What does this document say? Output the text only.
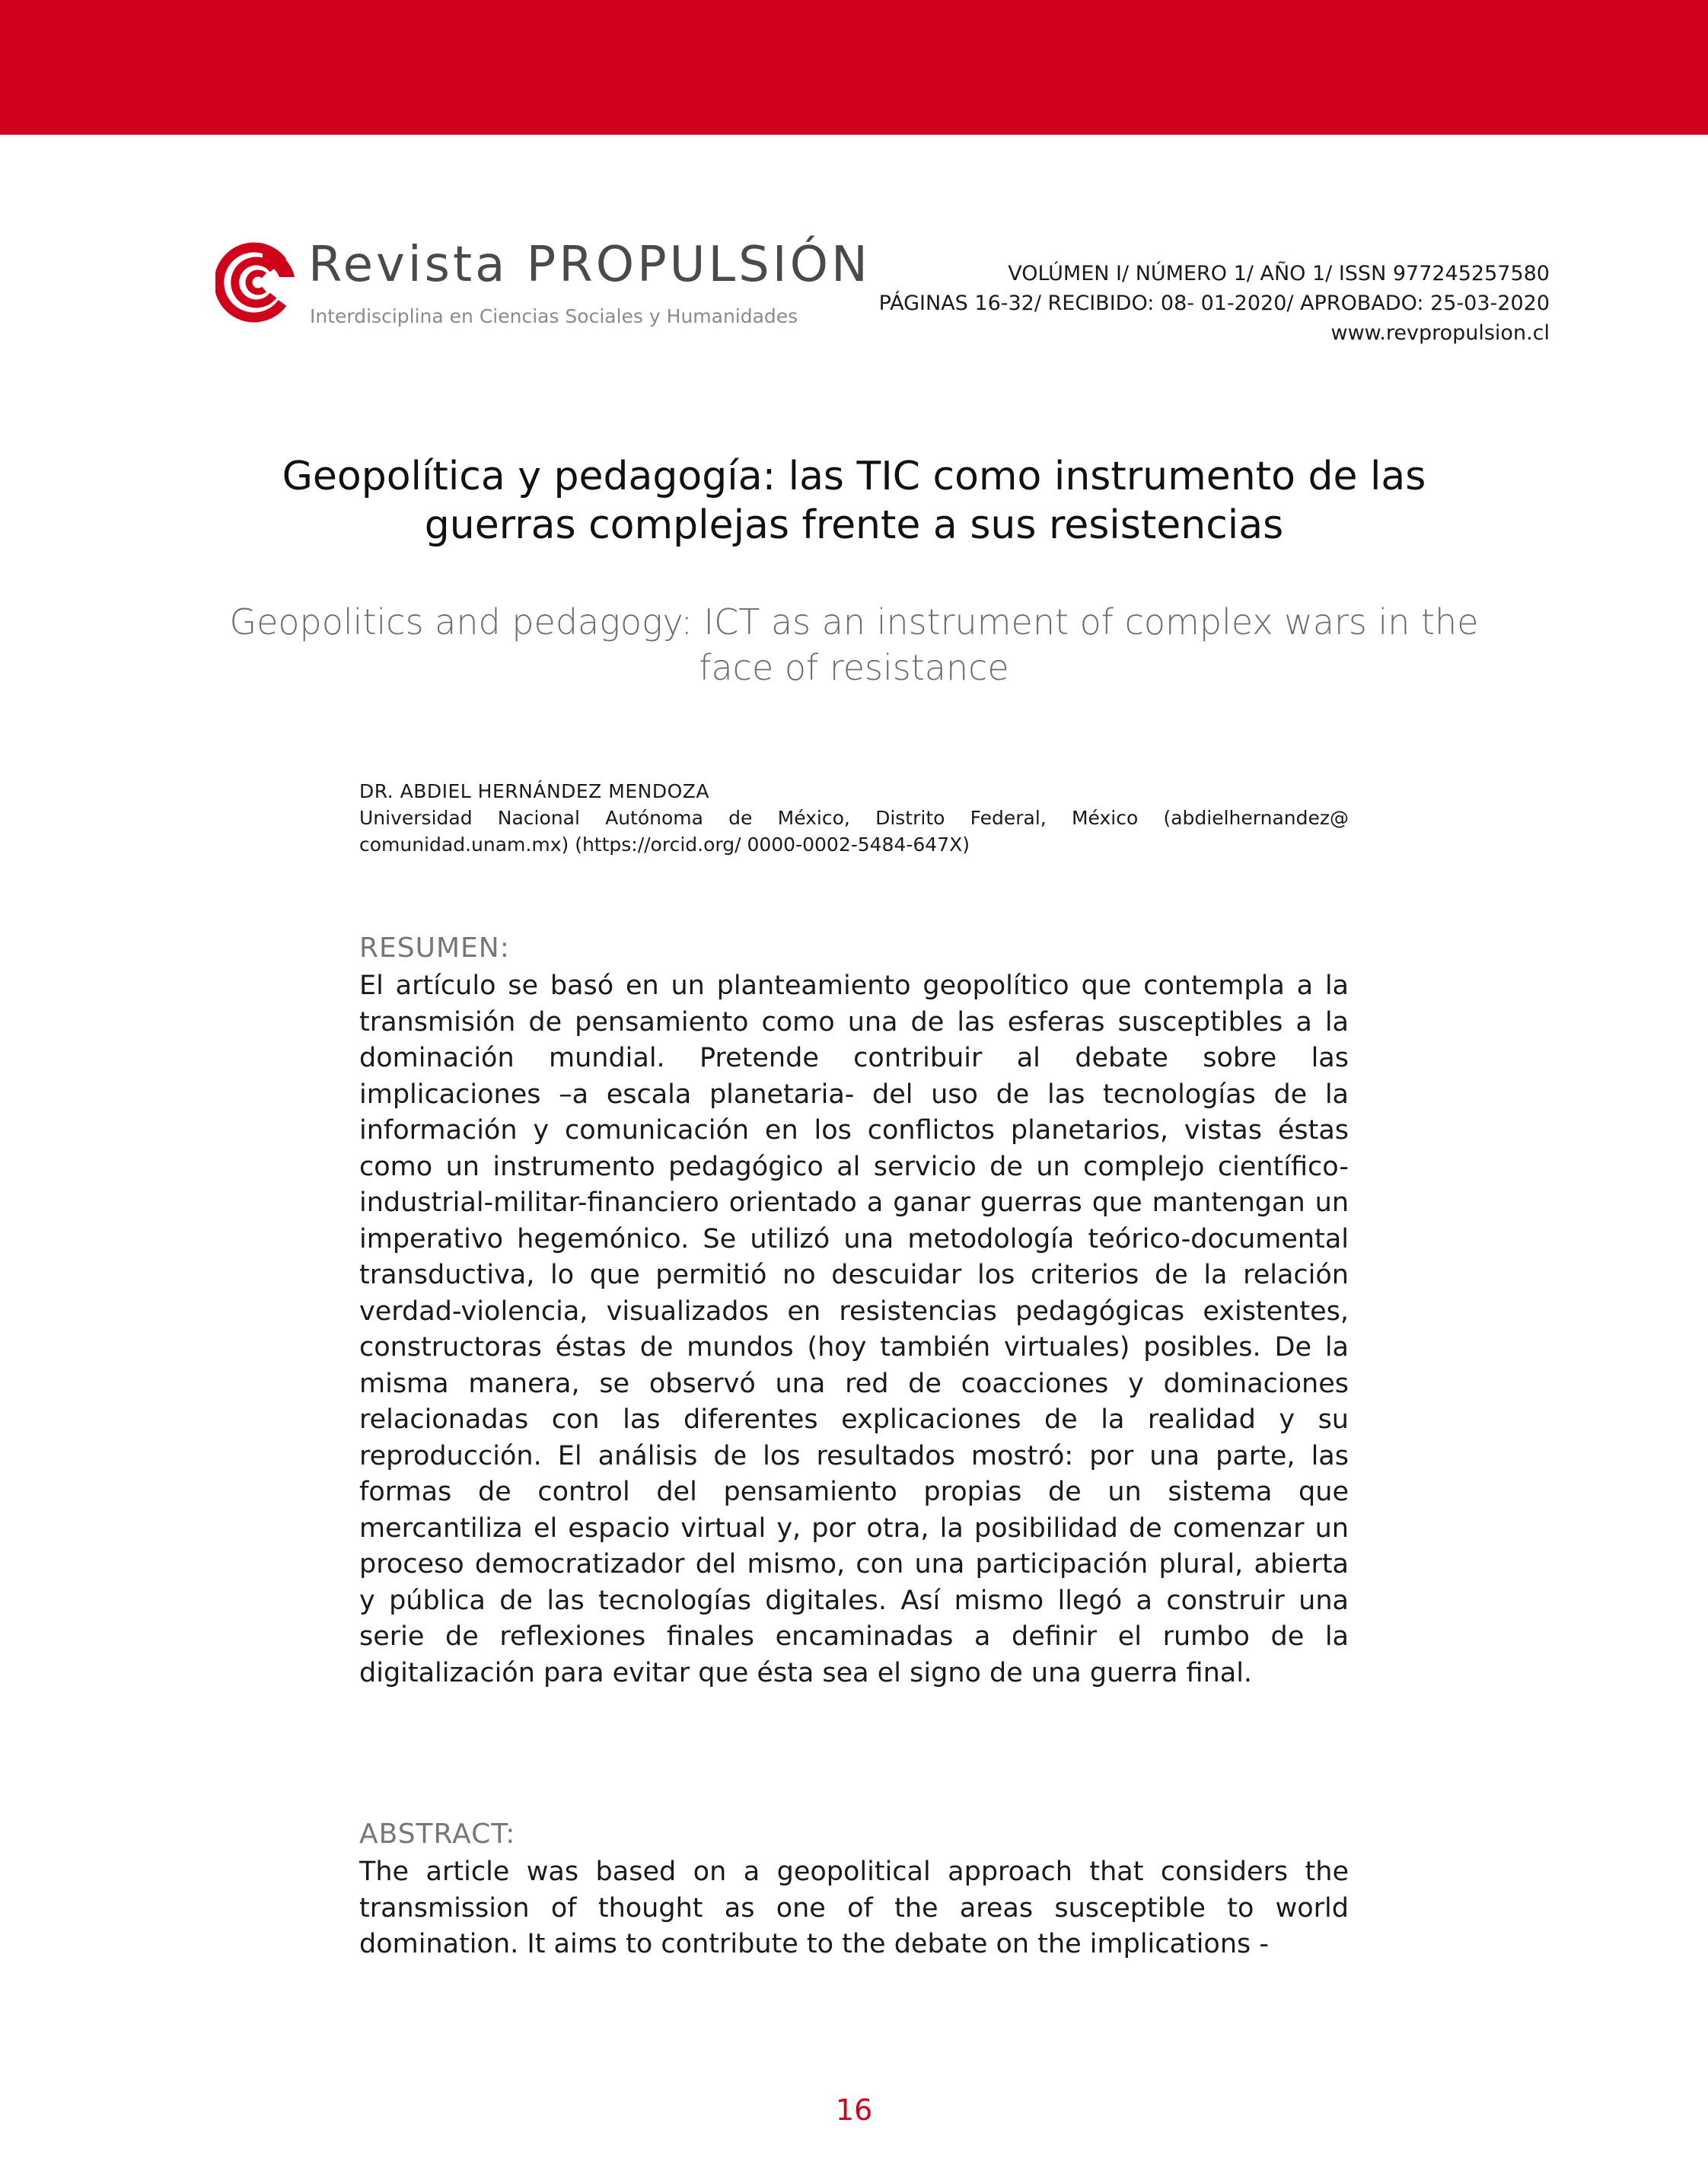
Revista PROPULSIÓN
Interdisciplina en Ciencias Sociales y Humanidades
VOLÚMEN I/ NÚMERO 1/ AÑO 1/ ISSN 977245257580
PÁGINAS 16-32/ RECIBIDO: 08- 01-2020/ APROBADO: 25-03-2020
www.revpropulsion.cl
Geopolítica y pedagogía: las TIC como instrumento de las guerras complejas frente a sus resistencias
Geopolitics and pedagogy: ICT as an instrument of complex wars in the face of resistance
DR. ABDIEL HERNÁNDEZ MENDOZA
Universidad Nacional Autónoma de México, Distrito Federal, México (abdielhernandez@ comunidad.unam.mx) (https://orcid.org/ 0000-0002-5484-647X)
RESUMEN:

El artículo se basó en un planteamiento geopolítico que contempla a la transmisión de pensamiento como una de las esferas susceptibles a la dominación mundial. Pretende contribuir al debate sobre las implicaciones –a escala planetaria- del uso de las tecnologías de la información y comunicación en los conflictos planetarios, vistas éstas como un instrumento pedagógico al servicio de un complejo científico-industrial-militar-financiero orientado a ganar guerras que mantengan un imperativo hegemónico. Se utilizó una metodología teórico-documental transductiva, lo que permitió no descuidar los criterios de la relación verdad-violencia, visualizados en resistencias pedagógicas existentes, constructoras éstas de mundos (hoy también virtuales) posibles. De la misma manera, se observó una red de coacciones y dominaciones relacionadas con las diferentes explicaciones de la realidad y su reproducción. El análisis de los resultados mostró: por una parte, las formas de control del pensamiento propias de un sistema que mercantiliza el espacio virtual y, por otra, la posibilidad de comenzar un proceso democratizador del mismo, con una participación plural, abierta y pública de las tecnologías digitales. Así mismo llegó a construir una serie de reflexiones finales encaminadas a definir el rumbo de la digitalización para evitar que ésta sea el signo de una guerra final.

ABSTRACT:

The article was based on a geopolitical approach that considers the transmission of thought as one of the areas susceptible to world domination. It aims to contribute to the debate on the implications -

16
